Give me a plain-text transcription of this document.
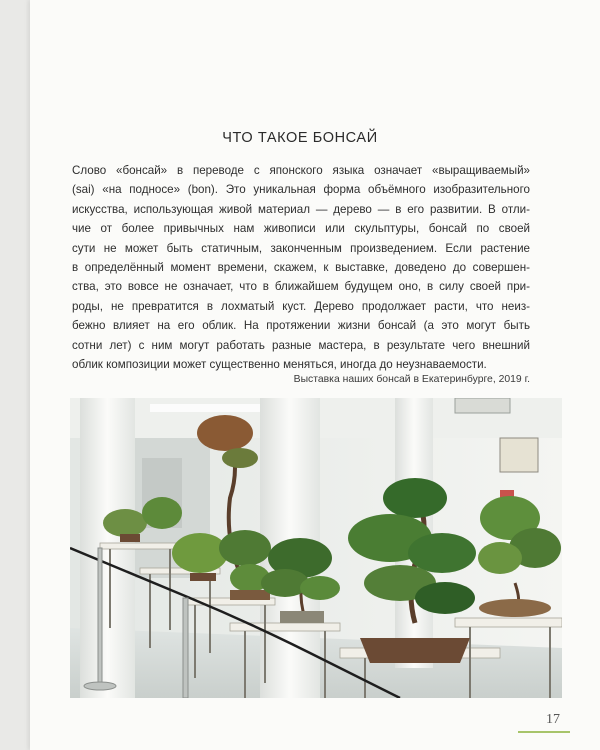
ЧТО ТАКОЕ БОНСАЙ
Слово «бонсай» в переводе с японского языка означает «выращиваемый»
(sai) «на подносе» (bon). Это уникальная форма объёмного изобразительного
искусства, использующая живой материал — дерево — в его развитии. В отли-
чие от более привычных нам живописи или скульптуры, бонсай по своей
сути не может быть статичным, законченным произведением. Если растение
в определённый момент времени, скажем, к выставке, доведено до совершен-
ства, это вовсе не означает, что в ближайшем будущем оно, в силу своей при-
роды, не превратится в лохматый куст. Дерево продолжает расти, что неиз-
бежно влияет на его облик. На протяжении жизни бонсай (а это могут быть
сотни лет) с ним могут работать разные мастера, в результате чего внешний
облик композиции может существенно меняться, иногда до неузнаваемости.
Выставка наших бонсай в Екатеринбурге, 2019 г.
17
